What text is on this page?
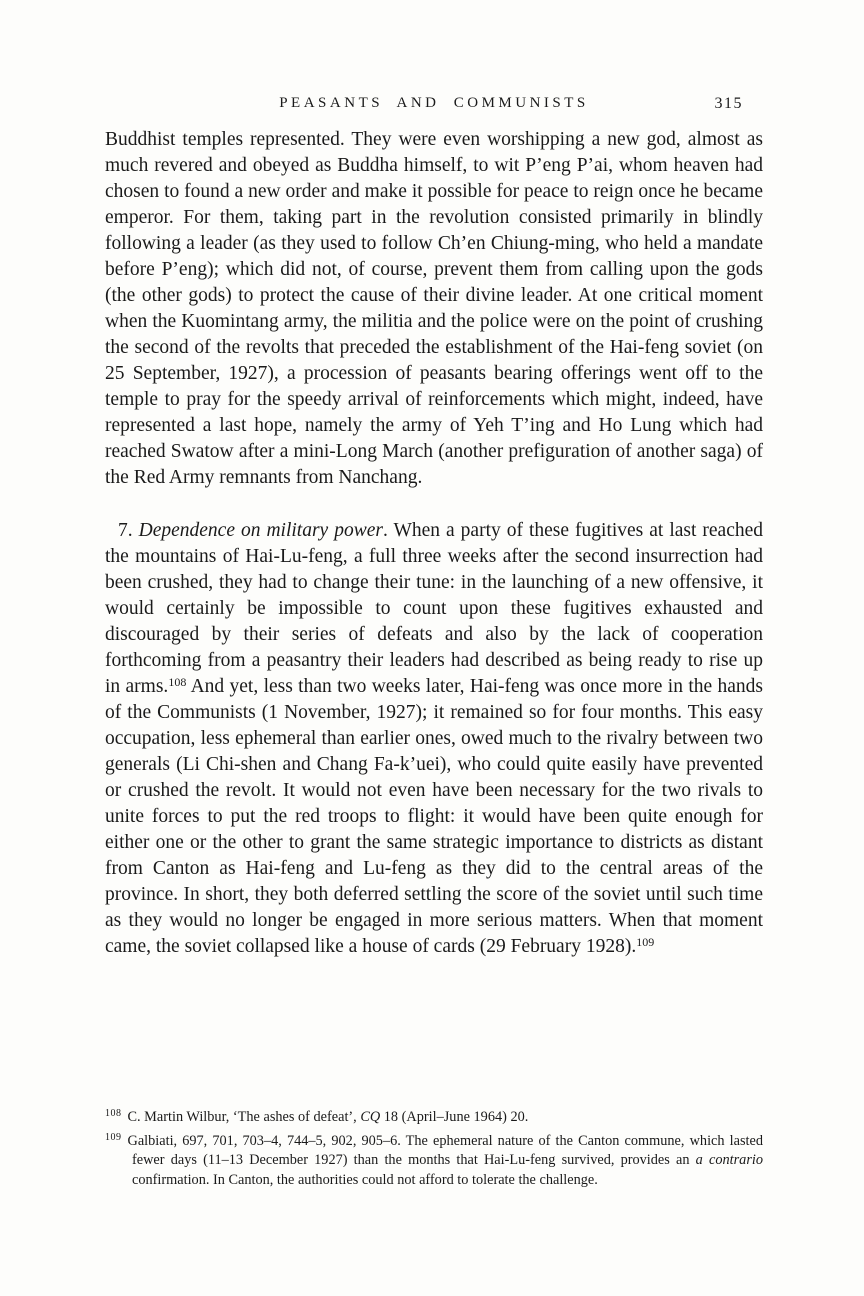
PEASANTS AND COMMUNISTS	315

Buddhist temples represented. They were even worshipping a new god, almost as much revered and obeyed as Buddha himself, to wit P’eng P’ai, whom heaven had chosen to found a new order and make it possible for peace to reign once he became emperor. For them, taking part in the revolution consisted primarily in blindly following a leader (as they used to follow Ch’en Chiung-ming, who held a mandate before P’eng); which did not, of course, prevent them from calling upon the gods (the other gods) to protect the cause of their divine leader. At one critical moment when the Kuomintang army, the militia and the police were on the point of crushing the second of the revolts that preceded the establishment of the Hai-feng soviet (on 25 September, 1927), a procession of peasants bearing offerings went off to the temple to pray for the speedy arrival of reinforcements which might, indeed, have represented a last hope, namely the army of Yeh T’ing and Ho Lung which had reached Swatow after a mini-Long March (another prefiguration of another saga) of the Red Army remnants from Nanchang.

7. Dependence on military power. When a party of these fugitives at last reached the mountains of Hai-Lu-feng, a full three weeks after the second insurrection had been crushed, they had to change their tune: in the launching of a new offensive, it would certainly be impossible to count upon these fugitives exhausted and discouraged by their series of defeats and also by the lack of cooperation forthcoming from a peasantry their leaders had described as being ready to rise up in arms.$^{108}$ And yet, less than two weeks later, Hai-feng was once more in the hands of the Communists (1 November, 1927); it remained so for four months. This easy occupation, less ephemeral than earlier ones, owed much to the rivalry between two generals (Li Chi-shen and Chang Fa-k’uei), who could quite easily have prevented or crushed the revolt. It would not even have been necessary for the two rivals to unite forces to put the red troops to flight: it would have been quite enough for either one or the other to grant the same strategic importance to districts as distant from Canton as Hai-feng and Lu-feng as they did to the central areas of the province. In short, they both deferred settling the score of the soviet until such time as they would no longer be engaged in more serious matters. When that moment came, the soviet collapsed like a house of cards (29 February 1928).$^{109}$

$^{108}$ C. Martin Wilbur, ‘The ashes of defeat’, CQ 18 (April–June 1964) 20.

$^{109}$ Galbiati, 697, 701, 703–4, 744–5, 902, 905–6. The ephemeral nature of the Canton commune, which lasted fewer days (11–13 December 1927) than the months that Hai-Lu-feng survived, provides an a contrario confirmation. In Canton, the authorities could not afford to tolerate the challenge.
